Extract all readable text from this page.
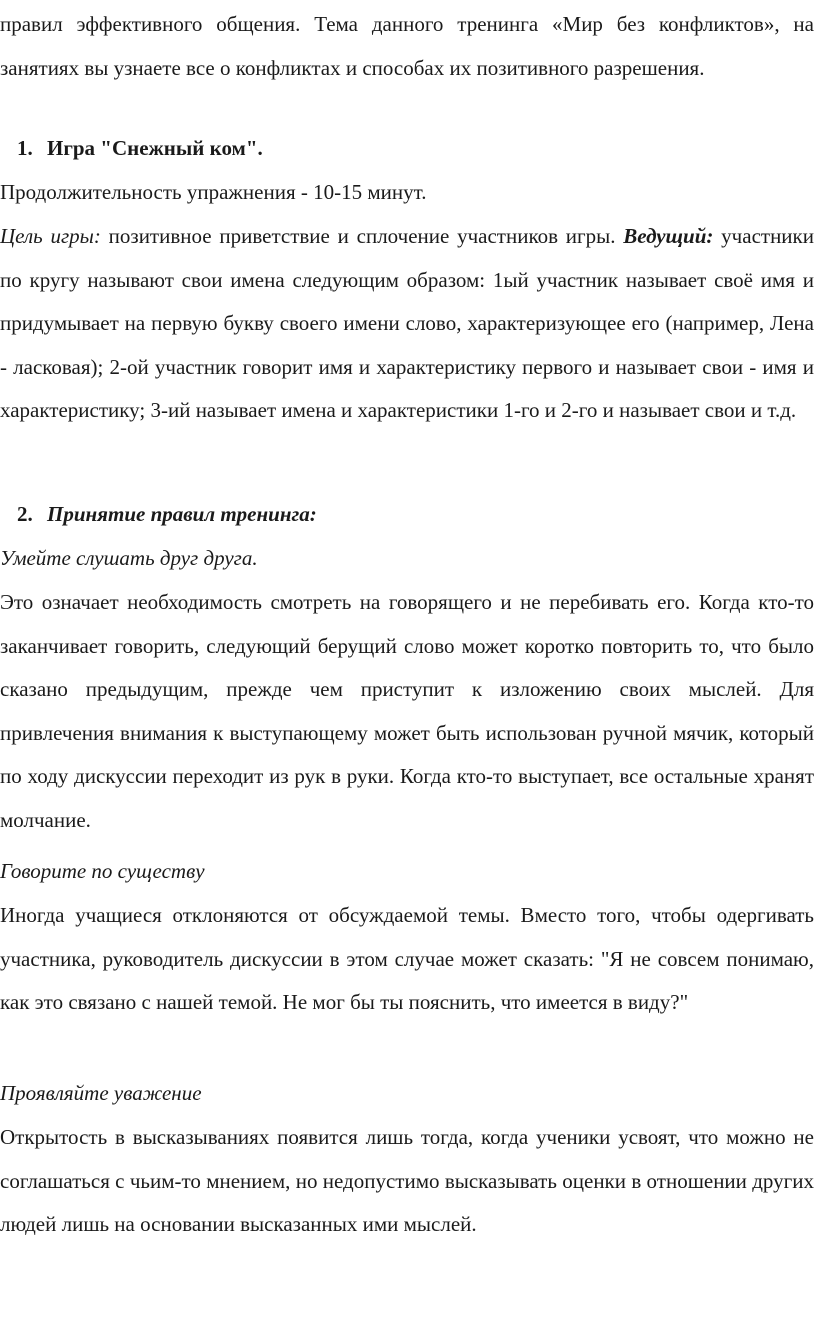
правил эффективного общения. Тема данного тренинга «Мир без конфликтов», на занятиях вы узнаете все о конфликтах и способах их позитивного разрешения.

1. Игра "Снежный ком".

Продолжительность упражнения - 10-15 минут.

Цель игры: позитивное приветствие и сплочение участников игры. Ведущий: участники по кругу называют свои имена следующим образом: 1ый участник называет своё имя и придумывает на первую букву своего имени слово, характеризующее его (например, Лена - ласковая); 2-ой участник говорит имя и характеристику первого и называет свои - имя и характеристику; 3-ий называет имена и характеристики 1-го и 2-го и называет свои и т.д.

2. Принятие правил тренинга:

Умейте слушать друг друга.

Это означает необходимость смотреть на говорящего и не перебивать его. Когда кто-то заканчивает говорить, следующий берущий слово может коротко повторить то, что было сказано предыдущим, прежде чем приступит к изложению своих мыслей. Для привлечения внимания к выступающему может быть использован ручной мячик, который по ходу дискуссии переходит из рук в руки. Когда кто-то выступает, все остальные хранят молчание.

Говорите по существу

Иногда учащиеся отклоняются от обсуждаемой темы. Вместо того, чтобы одергивать участника, руководитель дискуссии в этом случае может сказать: "Я не совсем понимаю, как это связано с нашей темой. Не мог бы ты пояснить, что имеется в виду?"

Проявляйте уважение

Открытость в высказываниях появится лишь тогда, когда ученики усвоят, что можно не соглашаться с чьим-то мнением, но недопустимо высказывать оценки в отношении других людей лишь на основании высказанных ими мыслей.
